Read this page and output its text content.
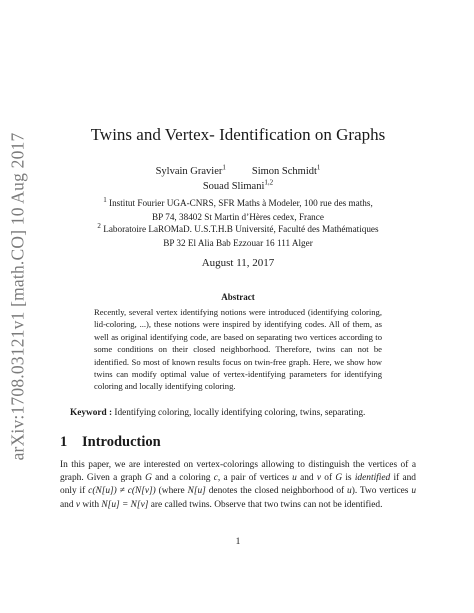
arXiv:1708.03121v1 [math.CO] 10 Aug 2017	Twins and Vertex- Identification on Graphs
Sylvain Gravier$^1$ Simon Schmidt$^1$
Souad Slimani$^{1,2}$
$^1$ Institut Fourier UGA-CNRS, SFR Maths à Modeler, 100 rue des maths,
BP 74, 38402 St Martin d’Hères cedex, France
$^2$ Laboratoire LaROMaD. U.S.T.H.B Université, Faculté des Mathématiques
BP 32 El Alia Bab Ezzouar 16 111 Alger
August 11, 2017
Abstract
Recently, several vertex identifying notions were introduced (identifying coloring, lid-coloring, ...), these notions were inspired by identifying codes. All of them, as well as original identifying code, are based on separating two vertices according to some conditions on their closed neighborhood. Therefore, twins can not be identified. So most of known results focus on twin-free graph. Here, we show how twins can modify optimal value of vertex-identifying parameters for identifying coloring and locally identifying coloring.
Keyword : Identifying coloring, locally identifying coloring, twins, separating.
1 Introduction
In this paper, we are interested on vertex-colorings allowing to distinguish the vertices of a graph. Given a graph G and a coloring c, a pair of vertices u and v of G is identified if and only if c(N[u]) ≠ c(N[v]) (where N[u] denotes the closed neighborhood of u). Two vertices u and v with N[u] = N[v] are called twins. Observe that two twins can not be identified.
1
